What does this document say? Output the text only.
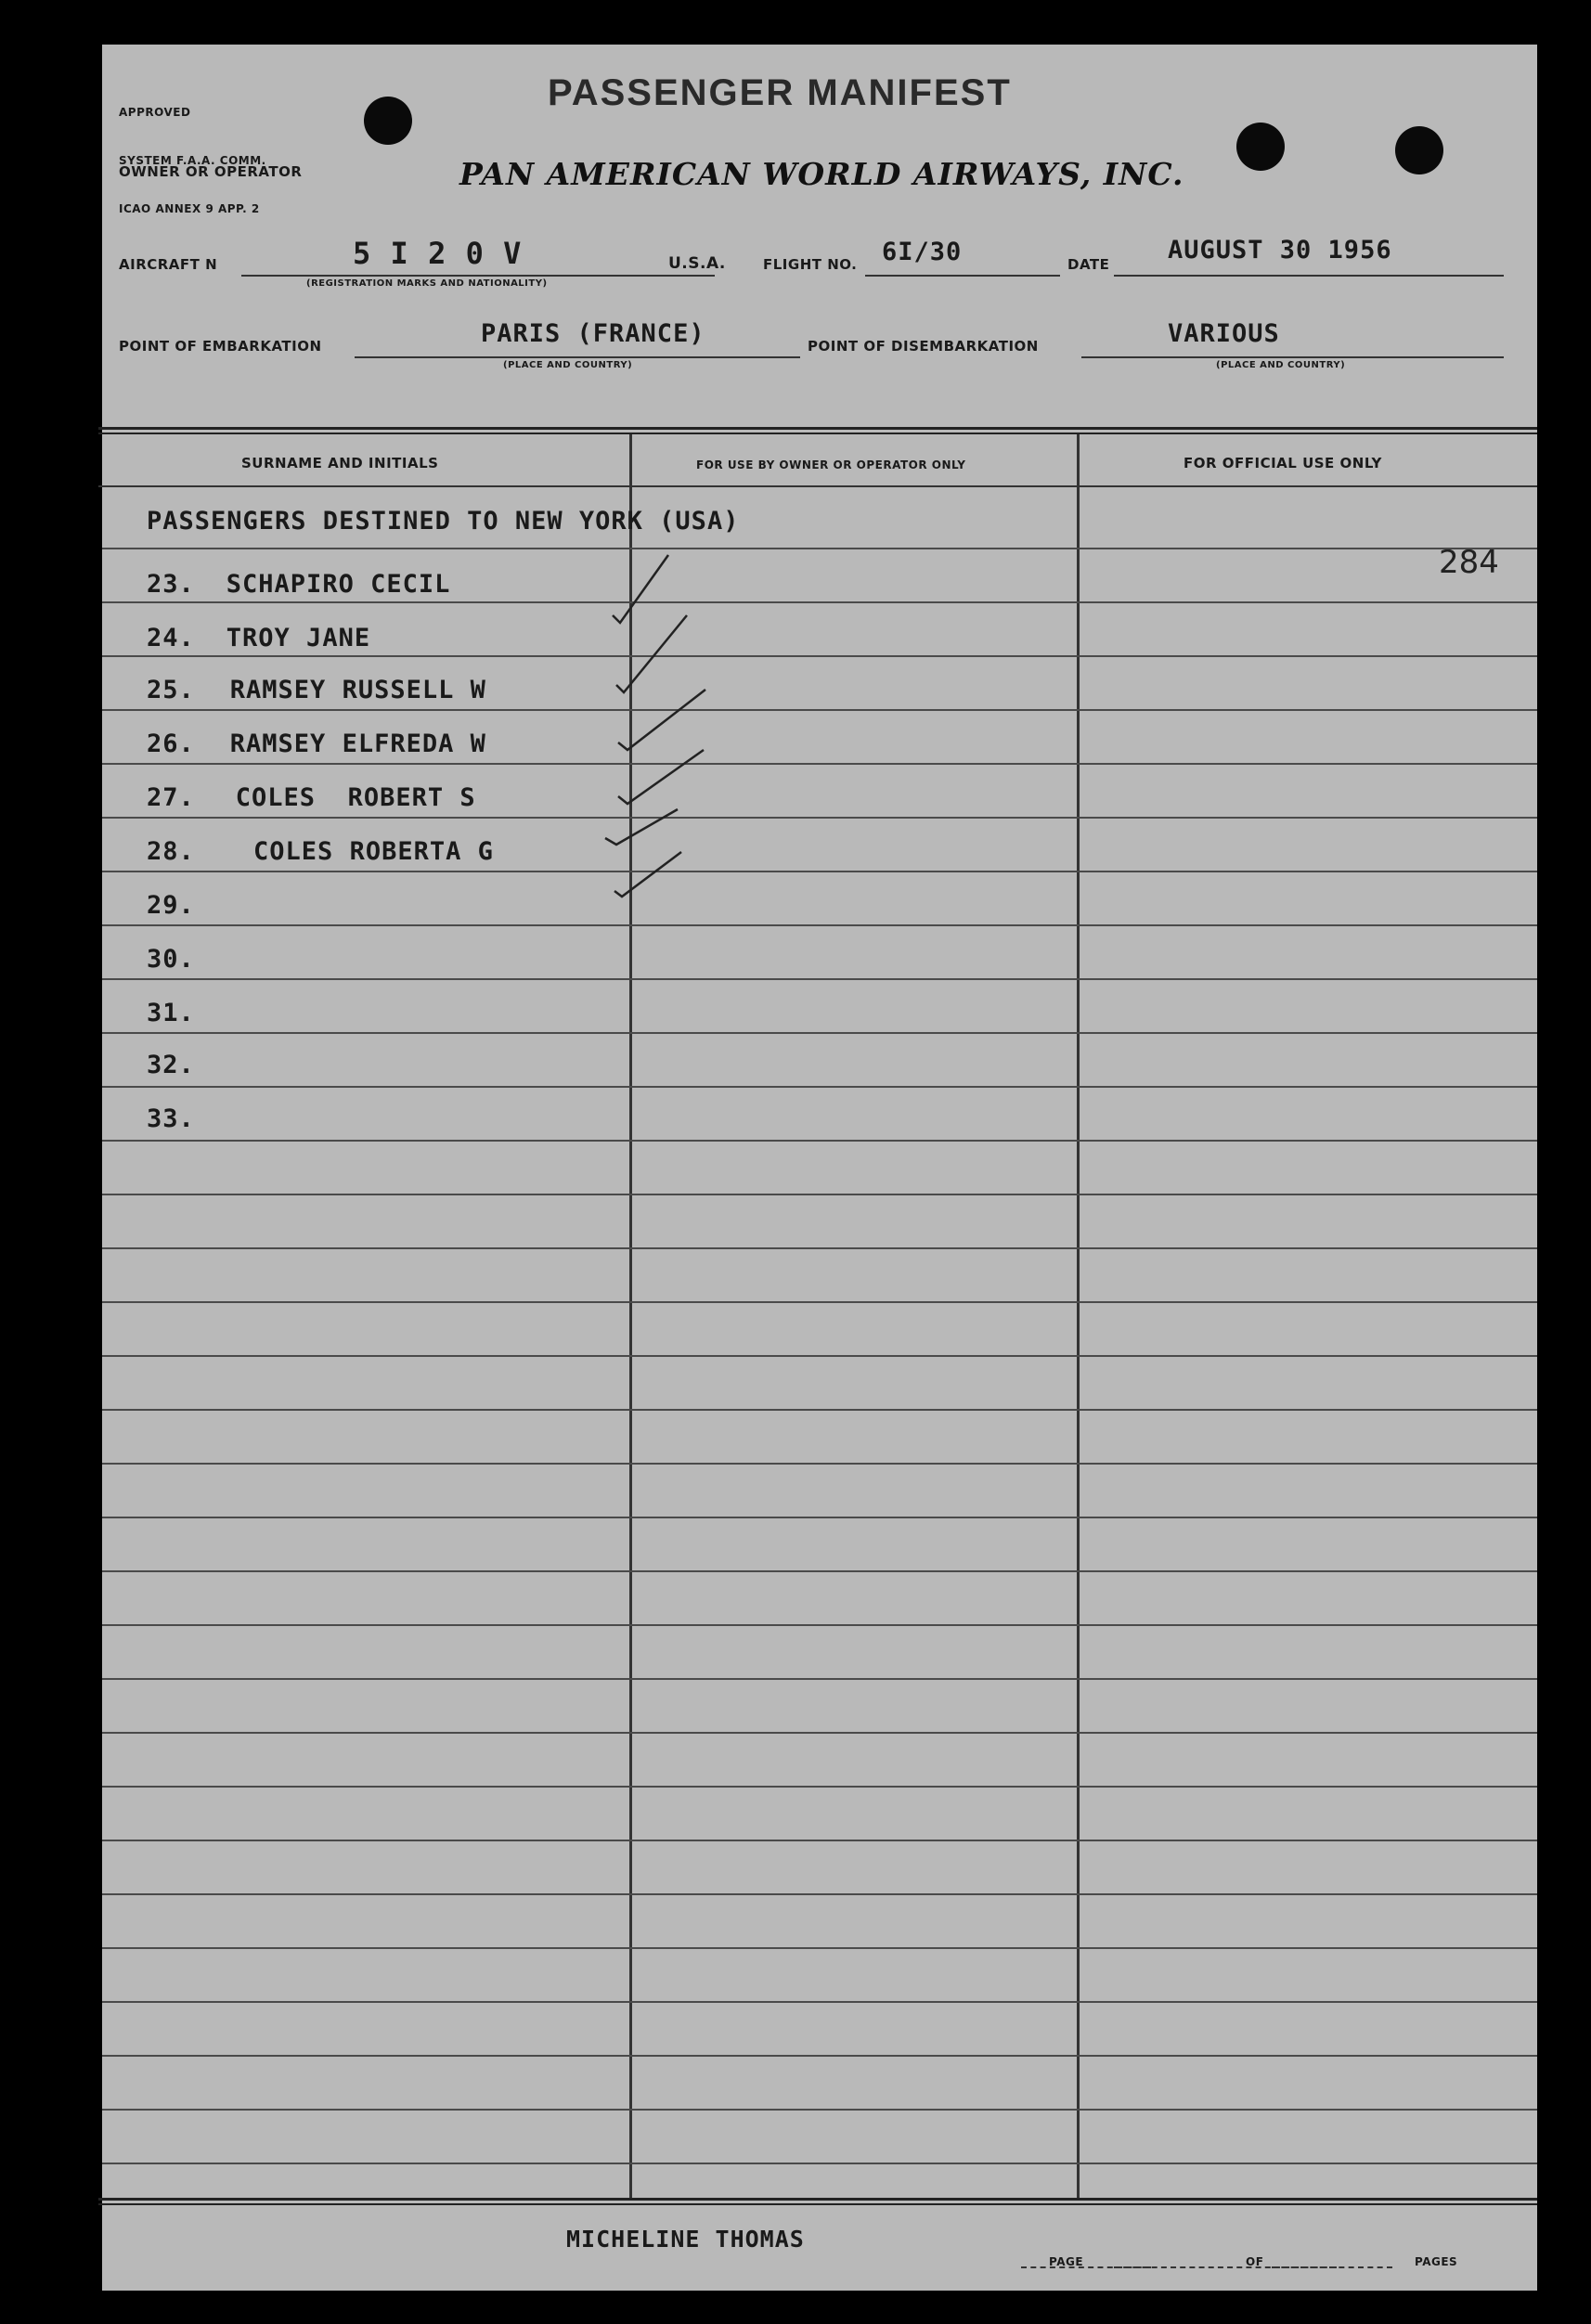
APPROVED

SYSTEM F.A.A. COMM.

ICAO ANNEX 9 APP. 2

PASSENGER MANIFEST
OWNER OR OPERATOR	PAN AMERICAN WORLD AIRWAYS, INC.
AIRCRAFT N	5 I 2 0 V
(REGISTRATION MARKS AND NATIONALITY)
U.S.A.	FLIGHT NO. 6I/30	DATE AUGUST 30 1956
POINT OF EMBARKATION	PARIS (FRANCE)
(PLACE AND COUNTRY)
POINT OF DISEMBARKATION	VARIOUS
(PLACE AND COUNTRY)
SURNAME AND INITIALS	FOR USE BY OWNER OR OPERATOR ONLY	FOR OFFICIAL USE ONLY
PASSENGERS DESTINED TO NEW YORK (USA)
284
23. SCHAPIRO CECIL
24. TROY JANE
25. RAMSEY RUSSELL W
26. RAMSEY ELFREDA W
27. COLES  ROBERT S
28. COLES ROBERTA G
29.
30.
31.
32.
33.
MICHELINE THOMAS
PAGE	OF	PAGES
